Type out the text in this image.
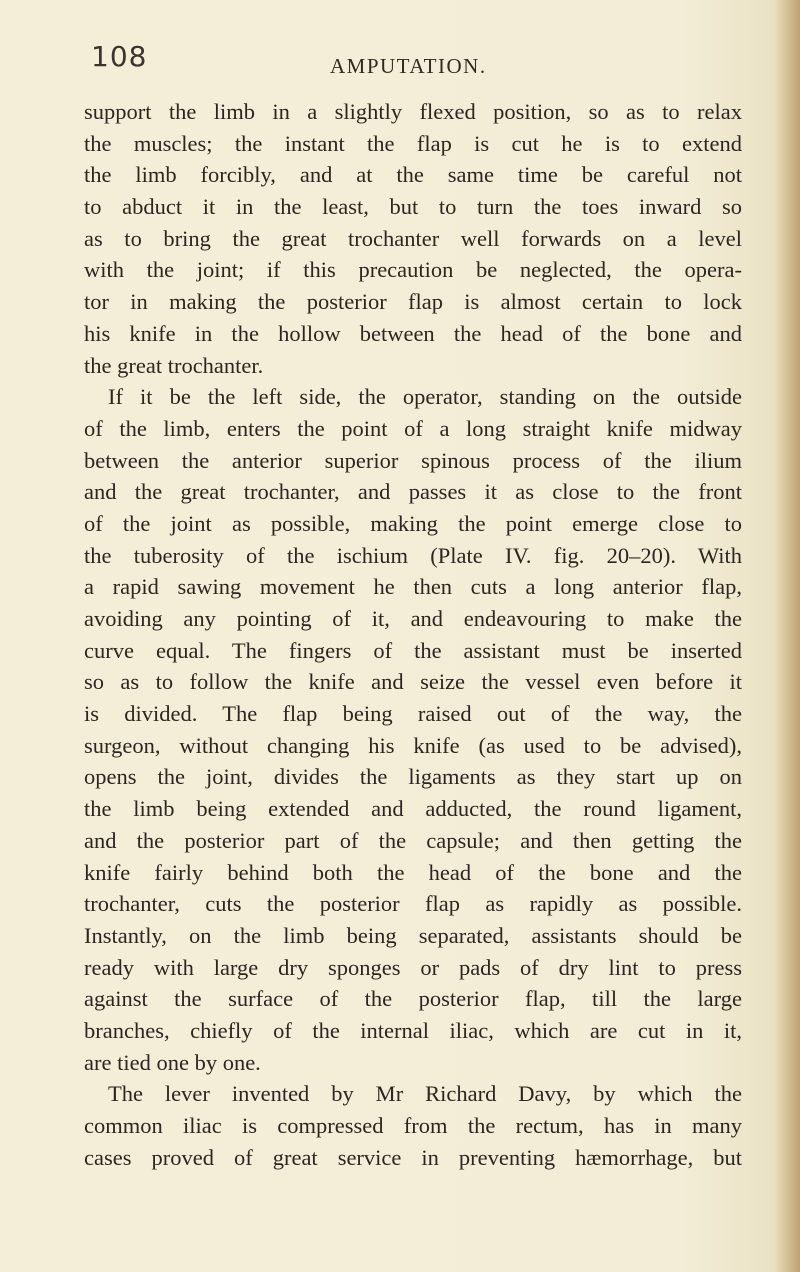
108	AMPUTATION.
support the limb in a slightly flexed position, so as to relax
the muscles; the instant the flap is cut he is to extend
the limb forcibly, and at the same time be careful not
to abduct it in the least, but to turn the toes inward so
as to bring the great trochanter well forwards on a level
with the joint; if this precaution be neglected, the opera-
tor in making the posterior flap is almost certain to lock
his knife in the hollow between the head of the bone and
the great trochanter.
If it be the left side, the operator, standing on the outside
of the limb, enters the point of a long straight knife midway
between the anterior superior spinous process of the ilium
and the great trochanter, and passes it as close to the front
of the joint as possible, making the point emerge close to
the tuberosity of the ischium (Plate IV. fig. 20–20). With
a rapid sawing movement he then cuts a long anterior flap,
avoiding any pointing of it, and endeavouring to make the
curve equal. The fingers of the assistant must be inserted
so as to follow the knife and seize the vessel even before it
is divided. The flap being raised out of the way, the
surgeon, without changing his knife (as used to be advised),
opens the joint, divides the ligaments as they start up on
the limb being extended and adducted, the round ligament,
and the posterior part of the capsule; and then getting the
knife fairly behind both the head of the bone and the
trochanter, cuts the posterior flap as rapidly as possible.
Instantly, on the limb being separated, assistants should be
ready with large dry sponges or pads of dry lint to press
against the surface of the posterior flap, till the large
branches, chiefly of the internal iliac, which are cut in it,
are tied one by one.
The lever invented by Mr Richard Davy, by which the
common iliac is compressed from the rectum, has in many
cases proved of great service in preventing hæmorrhage, but
